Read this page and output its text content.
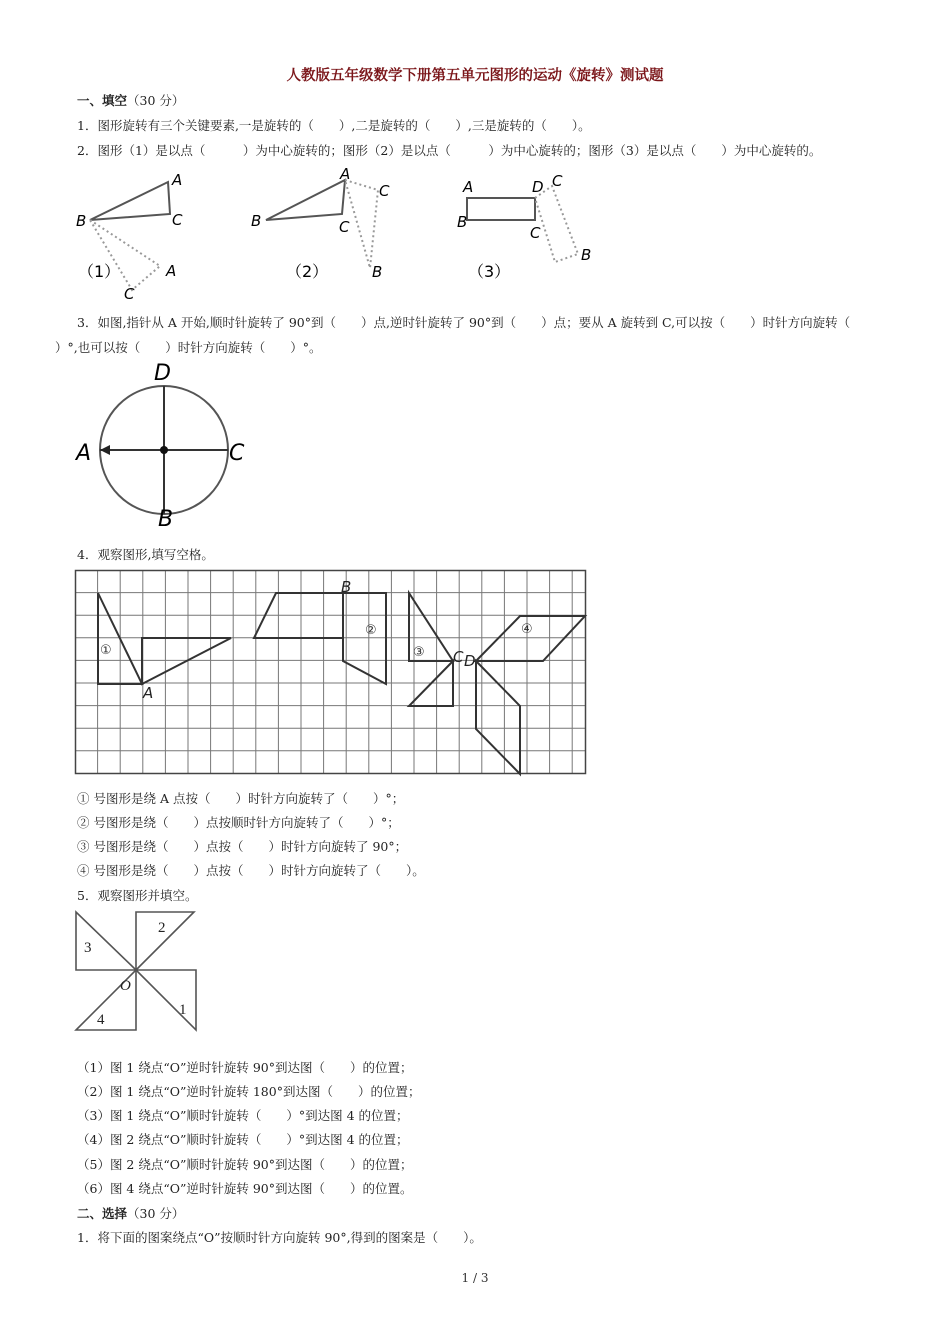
人教版五年级数学下册第五单元图形的运动《旋转》测试题
一、填空（30 分）
1．图形旋转有三个关键要素,一是旋转的（　　）,二是旋转的（　　）,三是旋转的（　　）。
2．图形（1）是以点（　　　）为中心旋转的；图形（2）是以点（　　　）为中心旋转的；图形（3）是以点（　　）为中心旋转的。
A
B	C
A
C
（1）
A
B	C
C
B
（2）
A	D C
B
C
B
（3）
3．如图,指针从 A 开始,顺时针旋转了 90°到（　　）点,逆时针旋转了 90°到（　　）点；要从 A 旋转到 C,可以按（　　）时针方向旋转（
）°,也可以按（　　）时针方向旋转（　　）°。
D
A	C
B
4．观察图形,填写空格。
A
B
C D
①
②
③
④
① 号图形是绕 A 点按（　　）时针方向旋转了（　　）°；
② 号图形是绕（　　）点按顺时针方向旋转了（　　）°；
③ 号图形是绕（　　）点按（　　）时针方向旋转了 90°；
④ 号图形是绕（　　）点按（　　）时针方向旋转了（　　）。
5．观察图形并填空。
2
3
1
4
O
（1）图 1 绕点“O”逆时针旋转 90°到达图（　　）的位置；
（2）图 1 绕点“O”逆时针旋转 180°到达图（　　）的位置；
（3）图 1 绕点“O”顺时针旋转（　　）°到达图 4 的位置；
（4）图 2 绕点“O”顺时针旋转（　　）°到达图 4 的位置；
（5）图 2 绕点“O”顺时针旋转 90°到达图（　　）的位置；
（6）图 4 绕点“O”逆时针旋转 90°到达图（　　）的位置。
二、选择（30 分）
1．将下面的图案绕点“O”按顺时针方向旋转 90°,得到的图案是（　　）。
1 / 3
